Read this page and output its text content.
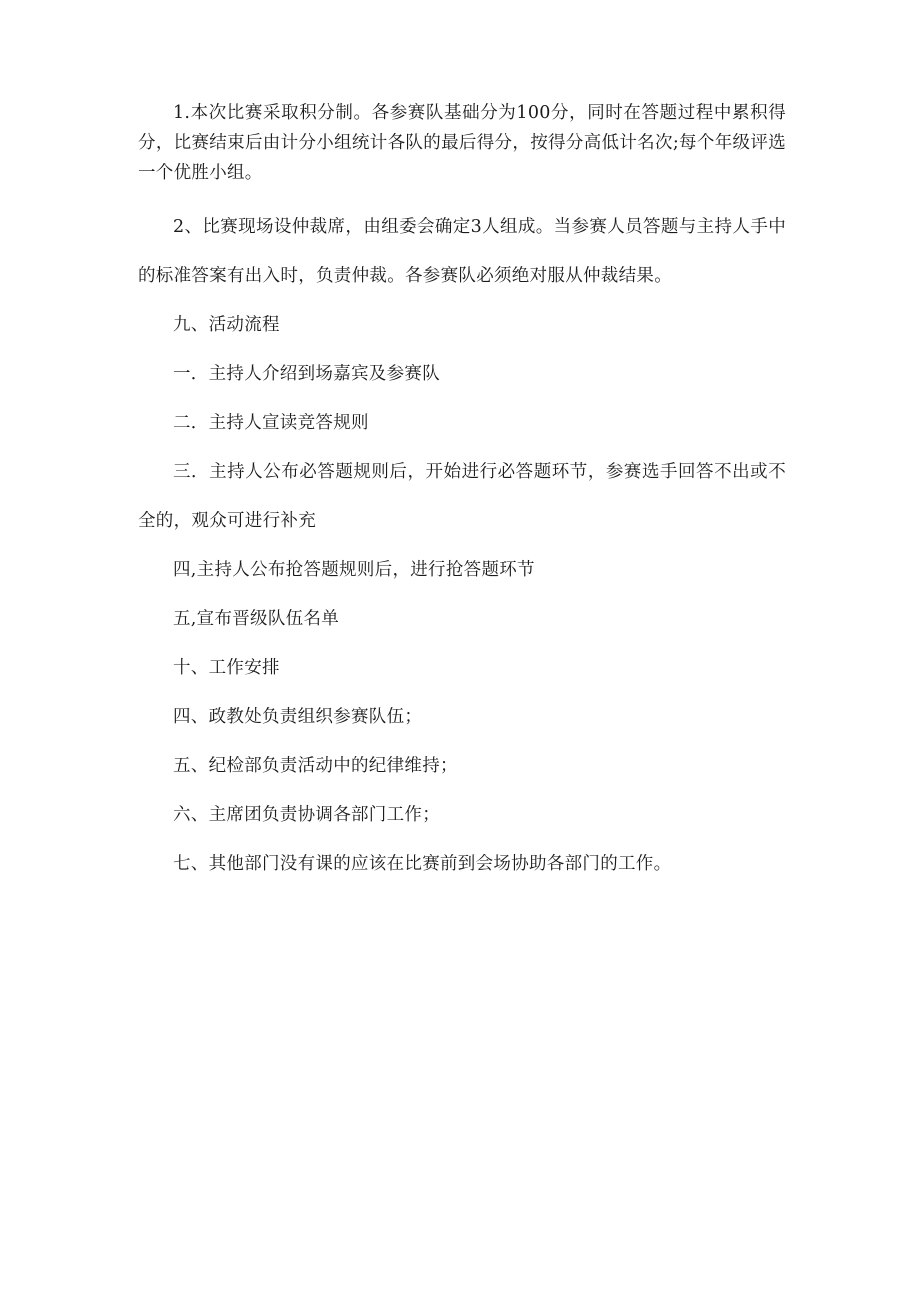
1.本次比赛采取积分制。各参赛队基础分为100分，同时在答题过程中累积得分，比赛结束后由计分小组统计各队的最后得分，按得分高低计名次;每个年级评选一个优胜小组。

2、比赛现场设仲裁席，由组委会确定3人组成。当参赛人员答题与主持人手中的标准答案有出入时，负责仲裁。各参赛队必须绝对服从仲裁结果。

九、活动流程

一．主持人介绍到场嘉宾及参赛队

二．主持人宣读竞答规则

三．主持人公布必答题规则后，开始进行必答题环节，参赛选手回答不出或不全的，观众可进行补充

四,主持人公布抢答题规则后，进行抢答题环节

五,宣布晋级队伍名单

十、工作安排

四、政教处负责组织参赛队伍；

五、纪检部负责活动中的纪律维持；

六、主席团负责协调各部门工作；

七、其他部门没有课的应该在比赛前到会场协助各部门的工作。
